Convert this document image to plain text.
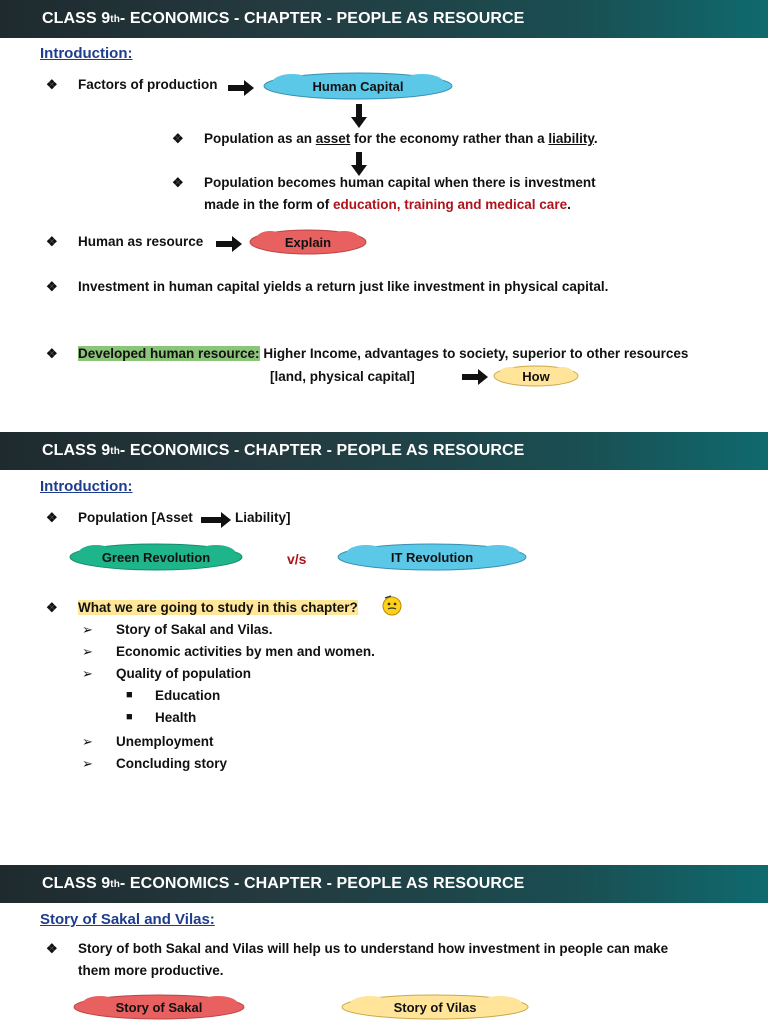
CLASS 9 th - ECONOMICS - CHAPTER - PEOPLE AS RESOURCE
Introduction:
❖ Factors of production	Human Capital
❖ Population as an asset for the economy rather than a liability.
❖ Population becomes human capital when there is investment
made in the form of education, training and medical care.
❖ Human as resource	Explain
❖ Investment in human capital yields a return just like investment in physical capital.
❖ Developed human resource: Higher Income, advantages to society, superior to other resources
[land, physical capital]	How
CLASS 9 th - ECONOMICS - CHAPTER - PEOPLE AS RESOURCE
Introduction:
❖ Population [Asset	Liability]
Green Revolution	v/s	IT Revolution
❖ What we are going to study in this chapter?
➢ Story of Sakal and Vilas.
➢ Economic activities by men and women.
➢ Quality of population
■ Education
■ Health
➢ Unemployment
➢ Concluding story
CLASS 9 th - ECONOMICS - CHAPTER - PEOPLE AS RESOURCE
Story of Sakal and Vilas:
❖ Story of both Sakal and Vilas will help us to understand how investment in people can make
them more productive.
Story of Sakal	Story of Vilas
